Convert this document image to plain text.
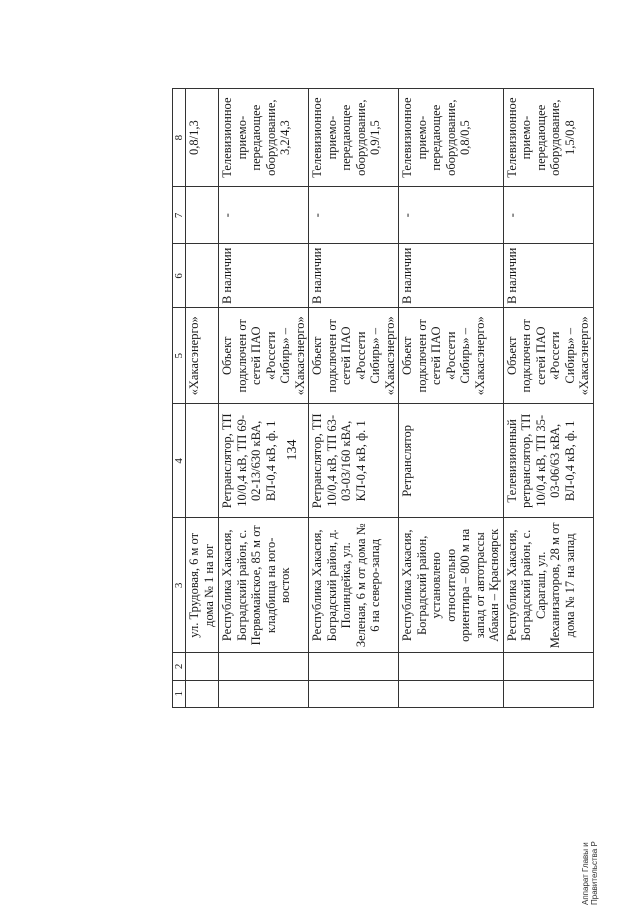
134
1	2	3	4	5	6	7	8
		ул. Трудовая, 6 м от дома № 1 на юг		«Хакасэнерго»			0,8/1,3
		Республика Хакасия, Боградский район, с. Первомайское, 85 м от кладбища на юго-восток	Ретранслятор, ТП 10/0,4 кВ, ТП 69-02-13/630 кВА, ВЛ-0,4 кВ, ф. 1	Объект подключен от сетей ПАО «Россети Сибирь» – «Хакасэнерго»	В наличии	-	Телевизионное приемо-передающее оборудование, 3,2/4,3
		Республика Хакасия, Боградский район, д. Полиндейка, ул. Зеленая, 6 м от дома № 6 на северо-запад	Ретранслятор, ТП 10/0,4 кВ, ТП 63-03-03/160 кВА, КЛ-0,4 кВ, ф. 1	Объект подключен от сетей ПАО «Россети Сибирь» – «Хакасэнерго»	В наличии	-	Телевизионное приемо-передающее оборудование, 0,9/1,5
		Республика Хакасия, Боградский район, установлено относительно ориентира – 800 м на запад от автотрассы Абакан – Красноярск	Ретранслятор	Объект подключен от сетей ПАО «Россети Сибирь» – «Хакасэнерго»	В наличии	-	Телевизионное приемо-передающее оборудование, 0,8/0,5
		Республика Хакасия, Боградский район, с. Сарагаш, ул. Механизаторов, 28 м от дома № 17 на запад	Телевизионный ретранслятор, ТП 10/0,4 кВ, ТП 35-03-06/63 кВА, ВЛ-0,4 кВ, ф. 1	Объект подключен от сетей ПАО «Россети Сибирь» – «Хакасэнерго»	В наличии	-	Телевизионное приемо-передающее оборудование, 1,5/0,8
Аппарат Главы и Правительства Р
